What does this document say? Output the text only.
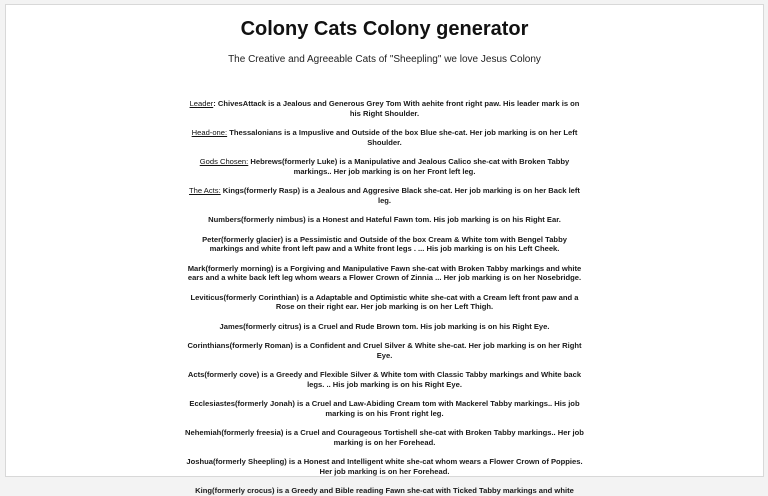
Colony Cats Colony generator
The Creative and Agreeable Cats of "Sheepling" we love Jesus Colony

Leader: ChivesAttack is a Jealous and Generous Grey Tom With aehite front right paw. His leader mark is on his Right Shoulder.

Head-one: Thessalonians is a Impuslive and Outside of the box Blue she-cat. Her job marking is on her Left Shoulder.

Gods Chosen: Hebrews(formerly Luke) is a Manipulative and Jealous Calico she-cat with Broken Tabby markings.. Her job marking is on her Front left leg.

The Acts: Kings(formerly Rasp) is a Jealous and Aggresive Black she-cat. Her job marking is on her Back left leg.

Numbers(formerly nimbus) is a Honest and Hateful Fawn tom. His job marking is on his Right Ear.

Peter(formerly glacier) is a Pessimistic and Outside of the box Cream & White tom with Bengel Tabby markings and white front left paw and a White front legs . ... His job marking is on his Left Cheek.

Mark(formerly morning) is a Forgiving and Manipulative Fawn she-cat with Broken Tabby markings and white ears and a white back left leg whom wears a Flower Crown of Zinnia ... Her job marking is on her Nosebridge.

Leviticus(formerly Corinthian) is a Adaptable and Optimistic white she-cat with a Cream left front paw and a Rose on their right ear. Her job marking is on her Left Thigh.

James(formerly citrus) is a Cruel and Rude Brown tom. His job marking is on his Right Eye.

Corinthians(formerly Roman) is a Confident and Cruel Silver & White she-cat. Her job marking is on her Right Eye.

Acts(formerly cove) is a Greedy and Flexible Silver & White tom with Classic Tabby markings and White back legs. .. His job marking is on his Right Eye.

Ecclesiastes(formerly Jonah) is a Cruel and Law-Abiding Cream tom with Mackerel Tabby markings.. His job marking is on his Front right leg.

Nehemiah(formerly freesia) is a Cruel and Courageous Tortishell she-cat with Broken Tabby markings.. Her job marking is on her Forehead.

Joshua(formerly Sheepling) is a Honest and Intelligent white she-cat whom wears a Flower Crown of Poppies. Her job marking is on her Forehead.

King(formerly crocus) is a Greedy and Bible reading Fawn she-cat with Ticked Tabby markings and white
